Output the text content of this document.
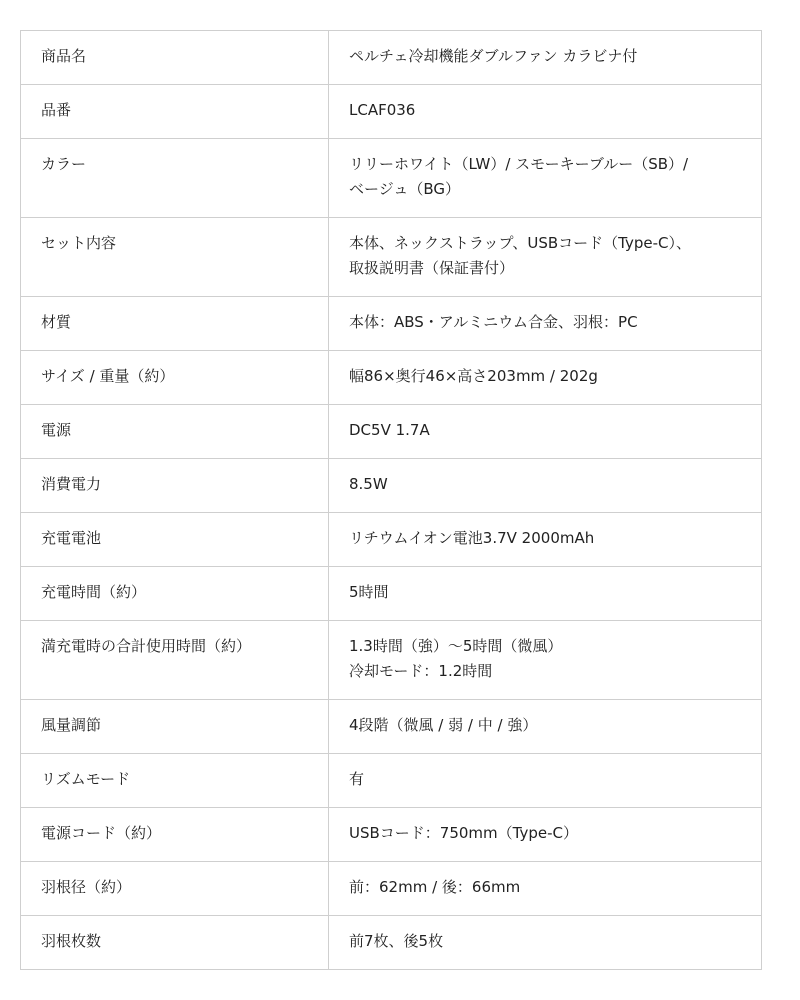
商品名	ペルチェ冷却機能ダブルファン カラビナ付

品番	LCAF036

カラー	リリーホワイト（LW）/ スモーキーブルー（SB）/
ベージュ（BG）

セット内容	本体、ネックストラップ、USBコード（Type-C）、
取扱説明書（保証書付）

材質	本体：ABS・アルミニウム合金、羽根：PC

サイズ / 重量（約）	幅86×奥行46×高さ203mm / 202g

電源	DC5V 1.7A

消費電力	8.5W

充電電池	リチウムイオン電池3.7V 2000mAh

充電時間（約）	5時間

満充電時の合計使用時間（約）	1.3時間（強）～5時間（微風）
冷却モード：1.2時間

風量調節	4段階（微風 / 弱 / 中 / 強）

リズムモード	有

電源コード（約）	USBコード：750mm（Type-C）

羽根径（約）	前：62mm / 後：66mm

羽根枚数	前7枚、後5枚
